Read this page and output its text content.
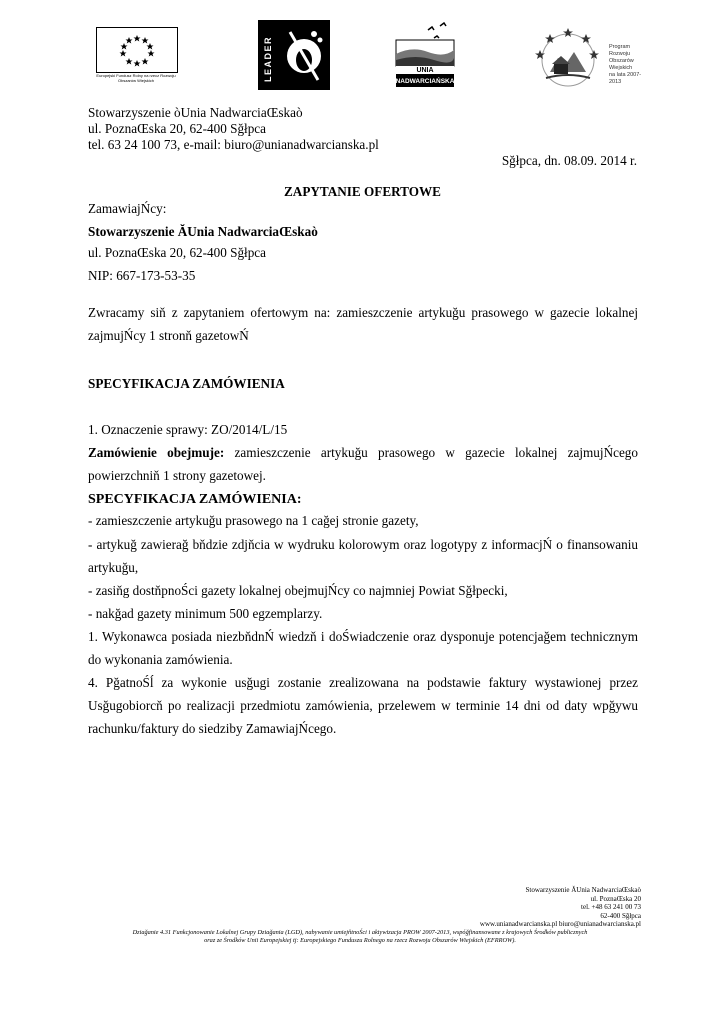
Europejski Fundusz Rolny na rzecz Rozwoju Obszarów Wiejskich	LEADER	UNIA
NADWARCIAŃSKA
Program
Rozwoju
Obszarów
Wiejskich
na lata 2007-2013
Stowarzyszenie òUnia NadwarciaŒskaò
ul. PoznaŒska 20, 62-400 Sğłpca
tel. 63 24 100 73, e-mail: biuro@unianadwarcianska.pl
Sğłpca, dn. 08.09. 2014 r.
ZAPYTANIE OFERTOWE
ZamawiajŃcy:
Stowarzyszenie ĂUnia NadwarciaŒskaò
ul. PoznaŒska 20, 62-400 Sğłpca
NIP: 667-173-53-35
Zwracamy siň z zapytaniem ofertowym na: zamieszczenie artykuğu prasowego w gazecie lokalnej zajmujŃcy 1 stronň gazetowŃ
SPECYFIKACJA ZAMÓWIENIA
1. Oznaczenie sprawy: ZO/2014/L/15
Zamówienie obejmuje: zamieszczenie artykuğu prasowego w gazecie lokalnej zajmujŃcego powierzchniň 1 strony gazetowej.
SPECYFIKACJA ZAMÓWIENIA:
- zamieszczenie artykuğu prasowego na 1 cağej stronie gazety,
- artykuğ zawierağ bňdzie zdjňcia w wydruku kolorowym oraz logotypy z informacjŃ o finansowaniu artykuğu,
- zasiňg dostňpnoŚci gazety lokalnej obejmujŃcy co najmniej Powiat Sğłpecki,
- nakğad gazety minimum 500 egzemplarzy.
1. Wykonawca posiada niezbňdnŃ wiedzň i doŚwiadczenie oraz dysponuje potencjağem technicznym do wykonania zamówienia.
4. PğatnoŚĺ za wykonie usğugi zostanie zrealizowana na podstawie faktury wystawionej przez Usğugobiorcň po realizacji przedmiotu zamówienia, przelewem w terminie 14 dni od daty wpğywu rachunku/faktury do siedziby ZamawiajŃcego.
Stowarzyszenie ĂUnia NadwarciaŒskaò
ul. PoznaŒska 20
tel. +48 63 241 00 73
62-400 Sğłpca
www.unianadwarcianska.pl biuro@unianadwarcianska.pl
Dziağanie 4.31 Funkcjonowanie Lokalnej Grupy Dziağania (LGD), nabywanie umiejňtnoŚci i aktywizacja PROW 2007-2013, wspóğfinansowane z krajowych Środków publicznych
oraz ze Środków Unii Europejskiej tj: Europejskiego Funduszu Rolnego na rzecz Rozwoju Obszarów Wiejskich (EFRROW).
